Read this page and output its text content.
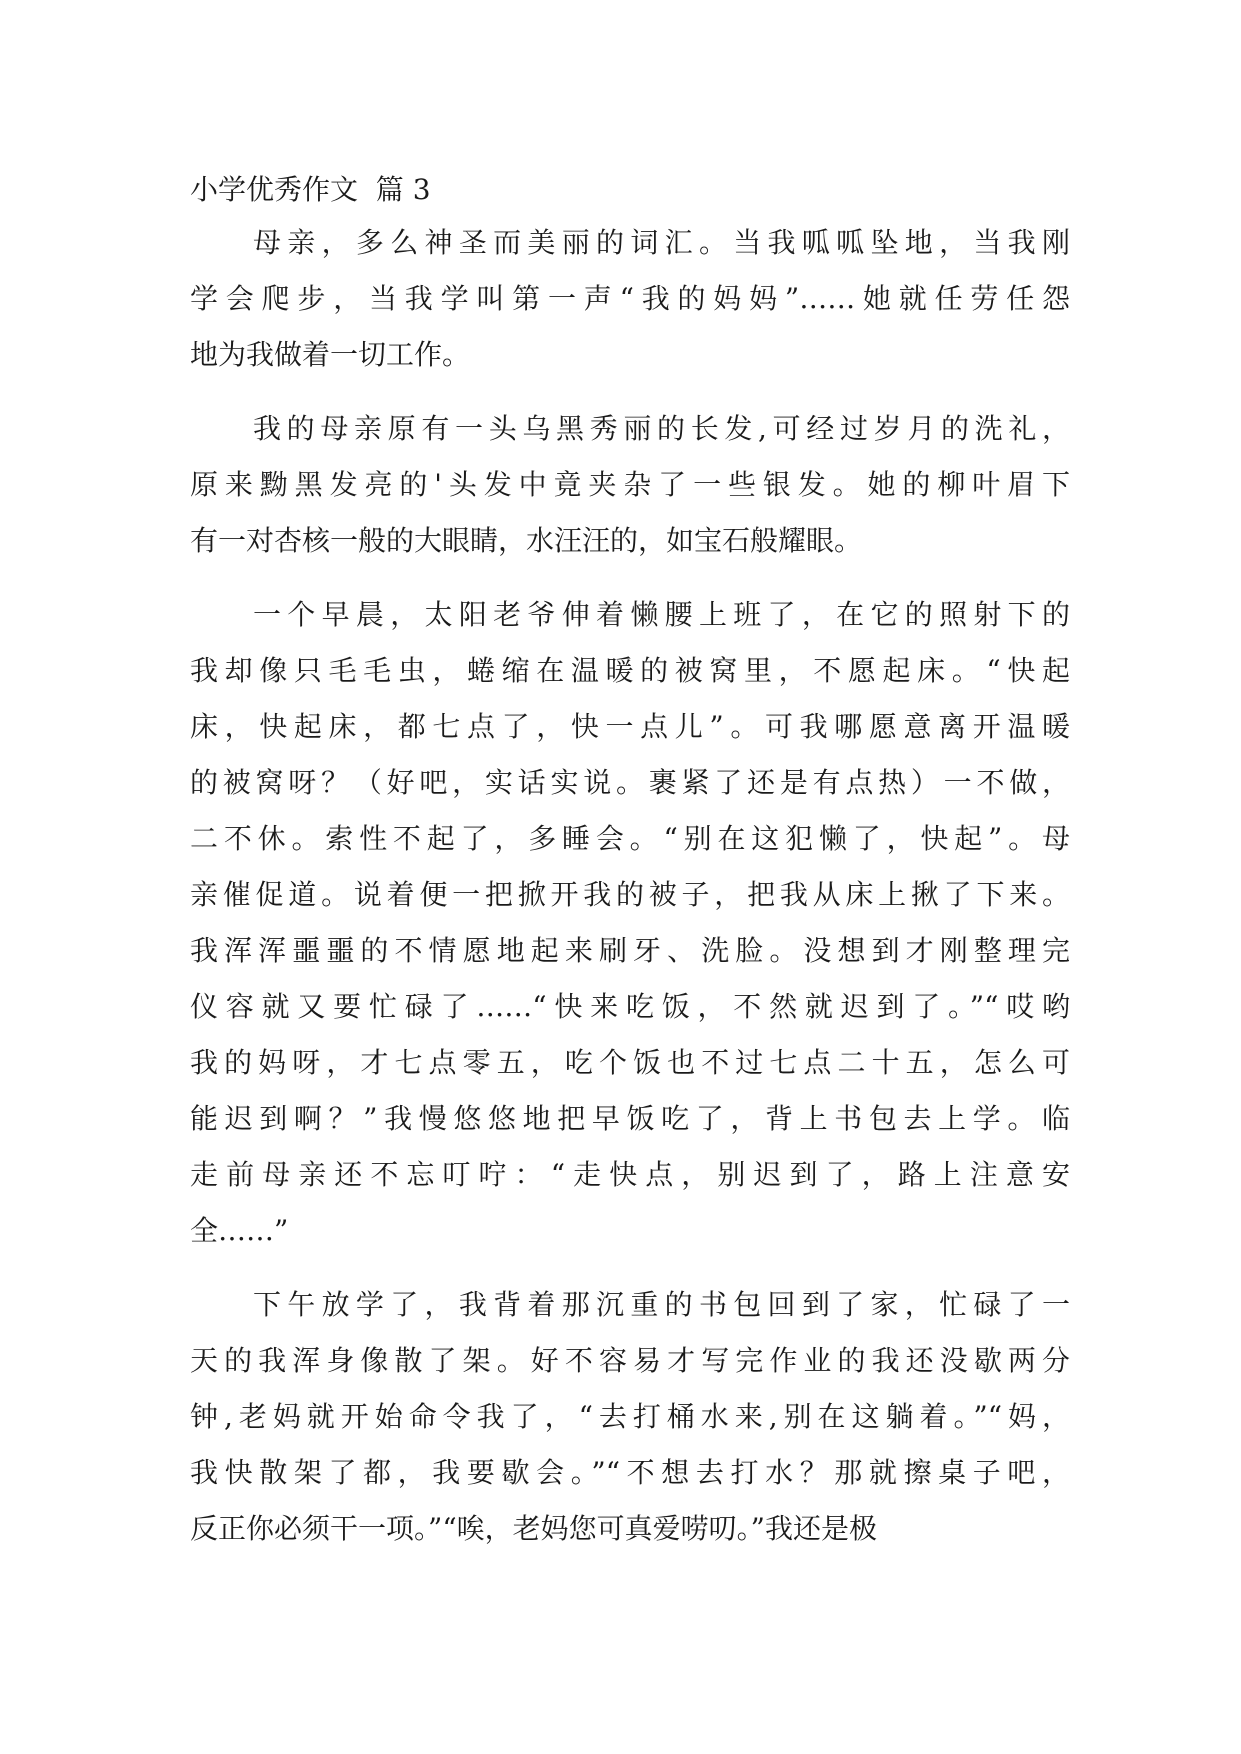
小学优秀作文  篇 3
母亲，多么神圣而美丽的词汇。当我呱呱坠地，当我刚
学会爬步，当我学叫第一声“我的妈妈”……她就任劳任怨
地为我做着一切工作。
我的母亲原有一头乌黑秀丽的长发,可经过岁月的洗礼，
原来黝黑发亮的'头发中竟夹杂了一些银发。她的柳叶眉下
有一对杏核一般的大眼睛，水汪汪的，如宝石般耀眼。
一个早晨，太阳老爷伸着懒腰上班了，在它的照射下的
我却像只毛毛虫，蜷缩在温暖的被窝里，不愿起床。“快起
床，快起床，都七点了，快一点儿”。可我哪愿意离开温暖
的被窝呀？（好吧，实话实说。裹紧了还是有点热）一不做，
二不休。索性不起了，多睡会。“别在这犯懒了，快起”。母
亲催促道。说着便一把掀开我的被子，把我从床上揪了下来。
我浑浑噩噩的不情愿地起来刷牙、洗脸。没想到才刚整理完
仪容就又要忙碌了……“快来吃饭，不然就迟到了。”“哎哟
我的妈呀，才七点零五，吃个饭也不过七点二十五，怎么可
能迟到啊？”我慢悠悠地把早饭吃了，背上书包去上学。临
走前母亲还不忘叮咛：“走快点，别迟到了，路上注意安
全……”
下午放学了，我背着那沉重的书包回到了家，忙碌了一
天的我浑身像散了架。好不容易才写完作业的我还没歇两分
钟,老妈就开始命令我了，“去打桶水来,别在这躺着。”“妈，
我快散架了都，我要歇会。”“不想去打水？那就擦桌子吧，
反正你必须干一项。”“唉，老妈您可真爱唠叨。”我还是极
